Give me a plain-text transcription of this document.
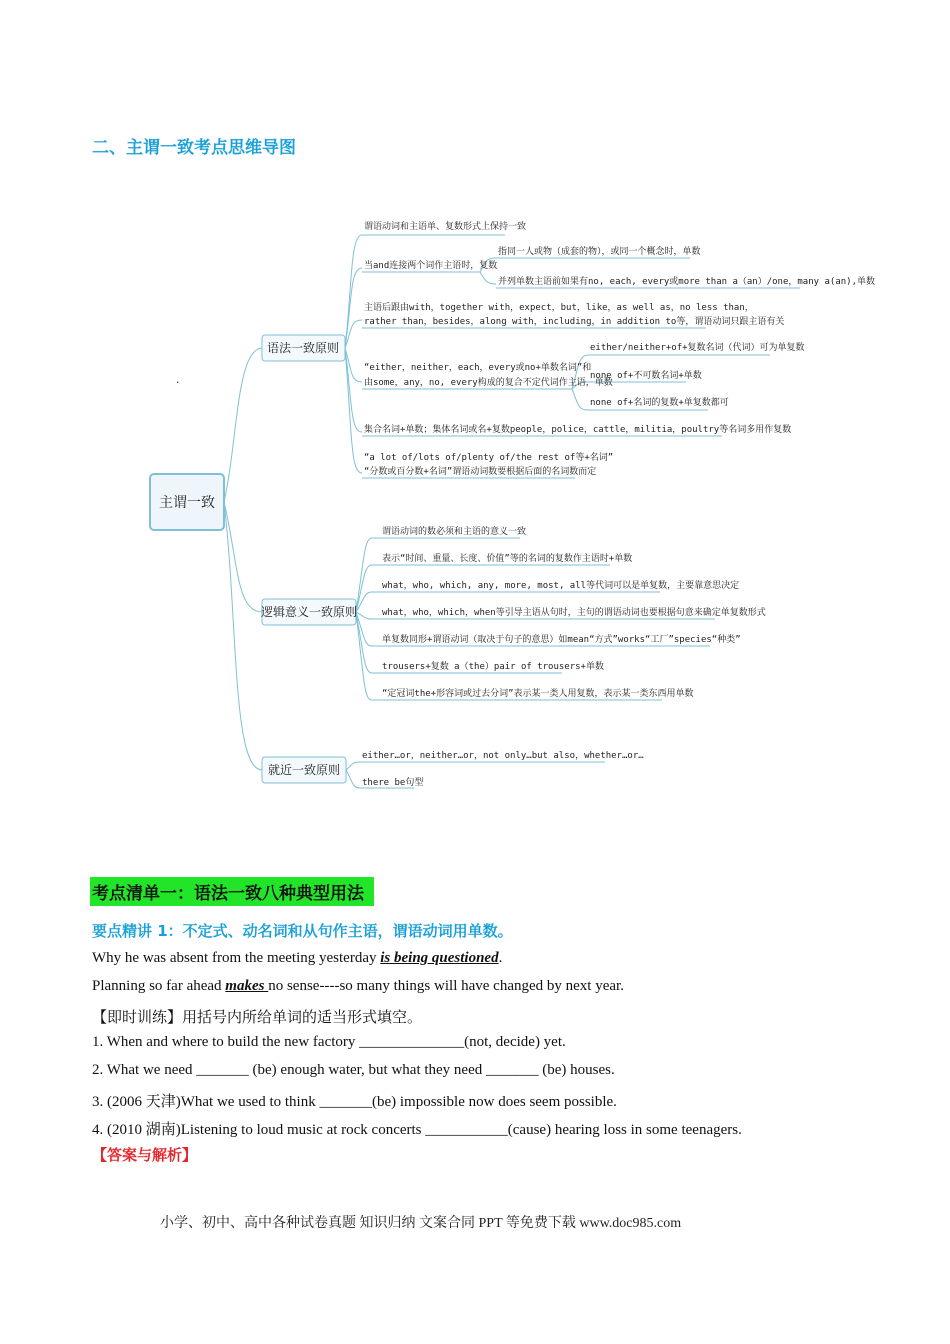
二、主谓一致考点思维导图
主谓一致
语法一致原则
逻辑意义一致原则
就近一致原则
.
谓语动词和主语单、复数形式上保持一致
当and连接两个词作主语时，复数
指同一人或物（成套的物），或同一个概念时，单数
并列单数主语前如果有no, each, every或more than a（an）/one，many a(an),单数
主语后跟由with，together with，expect，but，like，as well as，no less than，
rather than，besides，along with，including，in addition to等，谓语动词只跟主语有关
“either，neither，each，every或no+单数名词”和
由some，any，no, every构成的复合不定代词作主语，单数
either/neither+of+复数名词（代词）可为单复数
none of+不可数名词+单数
none of+名词的复数+单复数都可
集合名词+单数；集体名词或名+复数people，police，cattle，militia，poultry等名词多用作复数
“a lot of/lots of/plenty of/the rest of等+名词”
“分数或百分数+名词”谓语动词数要根据后面的名词数而定
谓语动词的数必须和主语的意义一致
表示“时间、重量、长度、价值”等的名词的复数作主语时+单数
what，who, which, any, more, most, all等代词可以是单复数，主要靠意思决定
what，who，which，when等引导主语从句时，主句的谓语动词也要根据句意来确定单复数形式
单复数同形+谓语动词（取决于句子的意思）如mean“方式”works“工厂”species“种类”
trousers+复数 a（the）pair of trousers+单数
“定冠词the+形容词或过去分词”表示某一类人用复数，表示某一类东西用单数
either…or，neither…or，not only…but also，whether…or…
there be句型
考点清单一：语法一致八种典型用法
要点精讲 1：不定式、动名词和从句作主语，谓语动词用单数。
Why he was absent from the meeting yesterday is being questioned.
Planning so far ahead makes no sense----so many things will have changed by next year.
【即时训练】用括号内所给单词的适当形式填空。
1. When and where to build the new factory ______________(not, decide) yet.
2. What we need _______ (be) enough water, but what they need _______ (be) houses.
3. (2006 天津)What we used to think _______(be) impossible now does seem possible.
4. (2010 湖南)Listening to loud music at rock concerts ___________(cause) hearing loss in some teenagers.
【答案与解析】
小学、初中、高中各种试卷真题 知识归纳 文案合同 PPT 等免费下载 www.doc985.com
